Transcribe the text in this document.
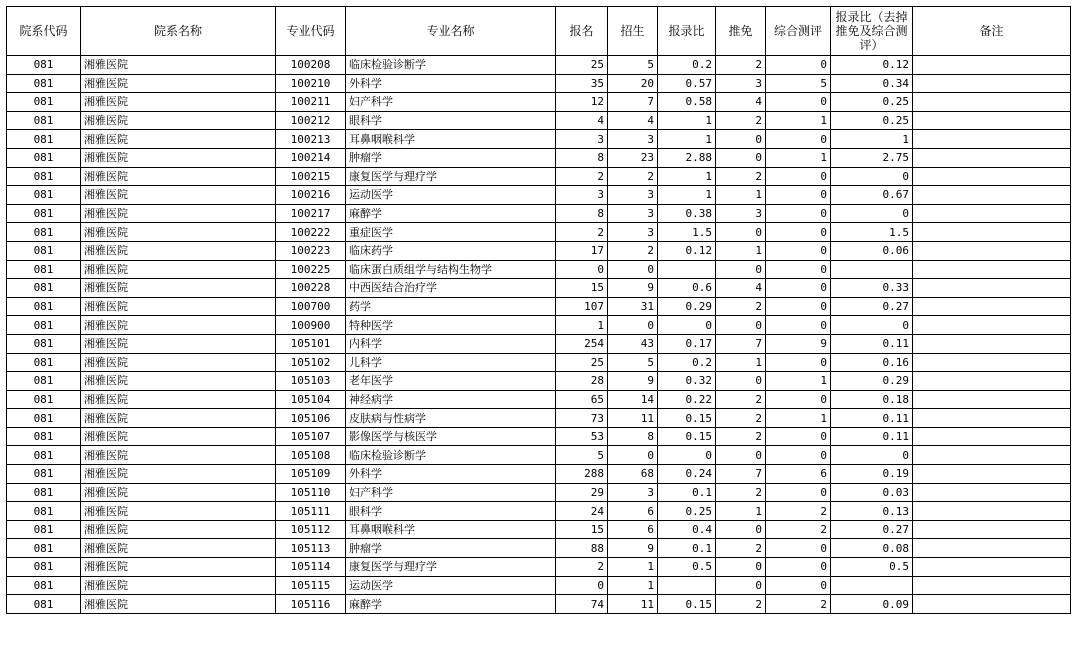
院系代码	院系名称	专业代码	专业名称	报名	招生	报录比	推免	综合测评	报录比（去掉推免及综合测评）	备注
081	湘雅医院	100208	临床检验诊断学	25	5	0.2	2	0	0.12	
081	湘雅医院	100210	外科学	35	20	0.57	3	5	0.34	
081	湘雅医院	100211	妇产科学	12	7	0.58	4	0	0.25	
081	湘雅医院	100212	眼科学	4	4	1	2	1	0.25	
081	湘雅医院	100213	耳鼻咽喉科学	3	3	1	0	0	1	
081	湘雅医院	100214	肿瘤学	8	23	2.88	0	1	2.75	
081	湘雅医院	100215	康复医学与理疗学	2	2	1	2	0	0	
081	湘雅医院	100216	运动医学	3	3	1	1	0	0.67	
081	湘雅医院	100217	麻醉学	8	3	0.38	3	0	0	
081	湘雅医院	100222	重症医学	2	3	1.5	0	0	1.5	
081	湘雅医院	100223	临床药学	17	2	0.12	1	0	0.06	
081	湘雅医院	100225	临床蛋白质组学与结构生物学	0	0		0	0		
081	湘雅医院	100228	中西医结合治疗学	15	9	0.6	4	0	0.33	
081	湘雅医院	100700	药学	107	31	0.29	2	0	0.27	
081	湘雅医院	100900	特种医学	1	0	0	0	0	0	
081	湘雅医院	105101	内科学	254	43	0.17	7	9	0.11	
081	湘雅医院	105102	儿科学	25	5	0.2	1	0	0.16	
081	湘雅医院	105103	老年医学	28	9	0.32	0	1	0.29	
081	湘雅医院	105104	神经病学	65	14	0.22	2	0	0.18	
081	湘雅医院	105106	皮肤病与性病学	73	11	0.15	2	1	0.11	
081	湘雅医院	105107	影像医学与核医学	53	8	0.15	2	0	0.11	
081	湘雅医院	105108	临床检验诊断学	5	0	0	0	0	0	
081	湘雅医院	105109	外科学	288	68	0.24	7	6	0.19	
081	湘雅医院	105110	妇产科学	29	3	0.1	2	0	0.03	
081	湘雅医院	105111	眼科学	24	6	0.25	1	2	0.13	
081	湘雅医院	105112	耳鼻咽喉科学	15	6	0.4	0	2	0.27	
081	湘雅医院	105113	肿瘤学	88	9	0.1	2	0	0.08	
081	湘雅医院	105114	康复医学与理疗学	2	1	0.5	0	0	0.5	
081	湘雅医院	105115	运动医学	0	1		0	0		
081	湘雅医院	105116	麻醉学	74	11	0.15	2	2	0.09	
